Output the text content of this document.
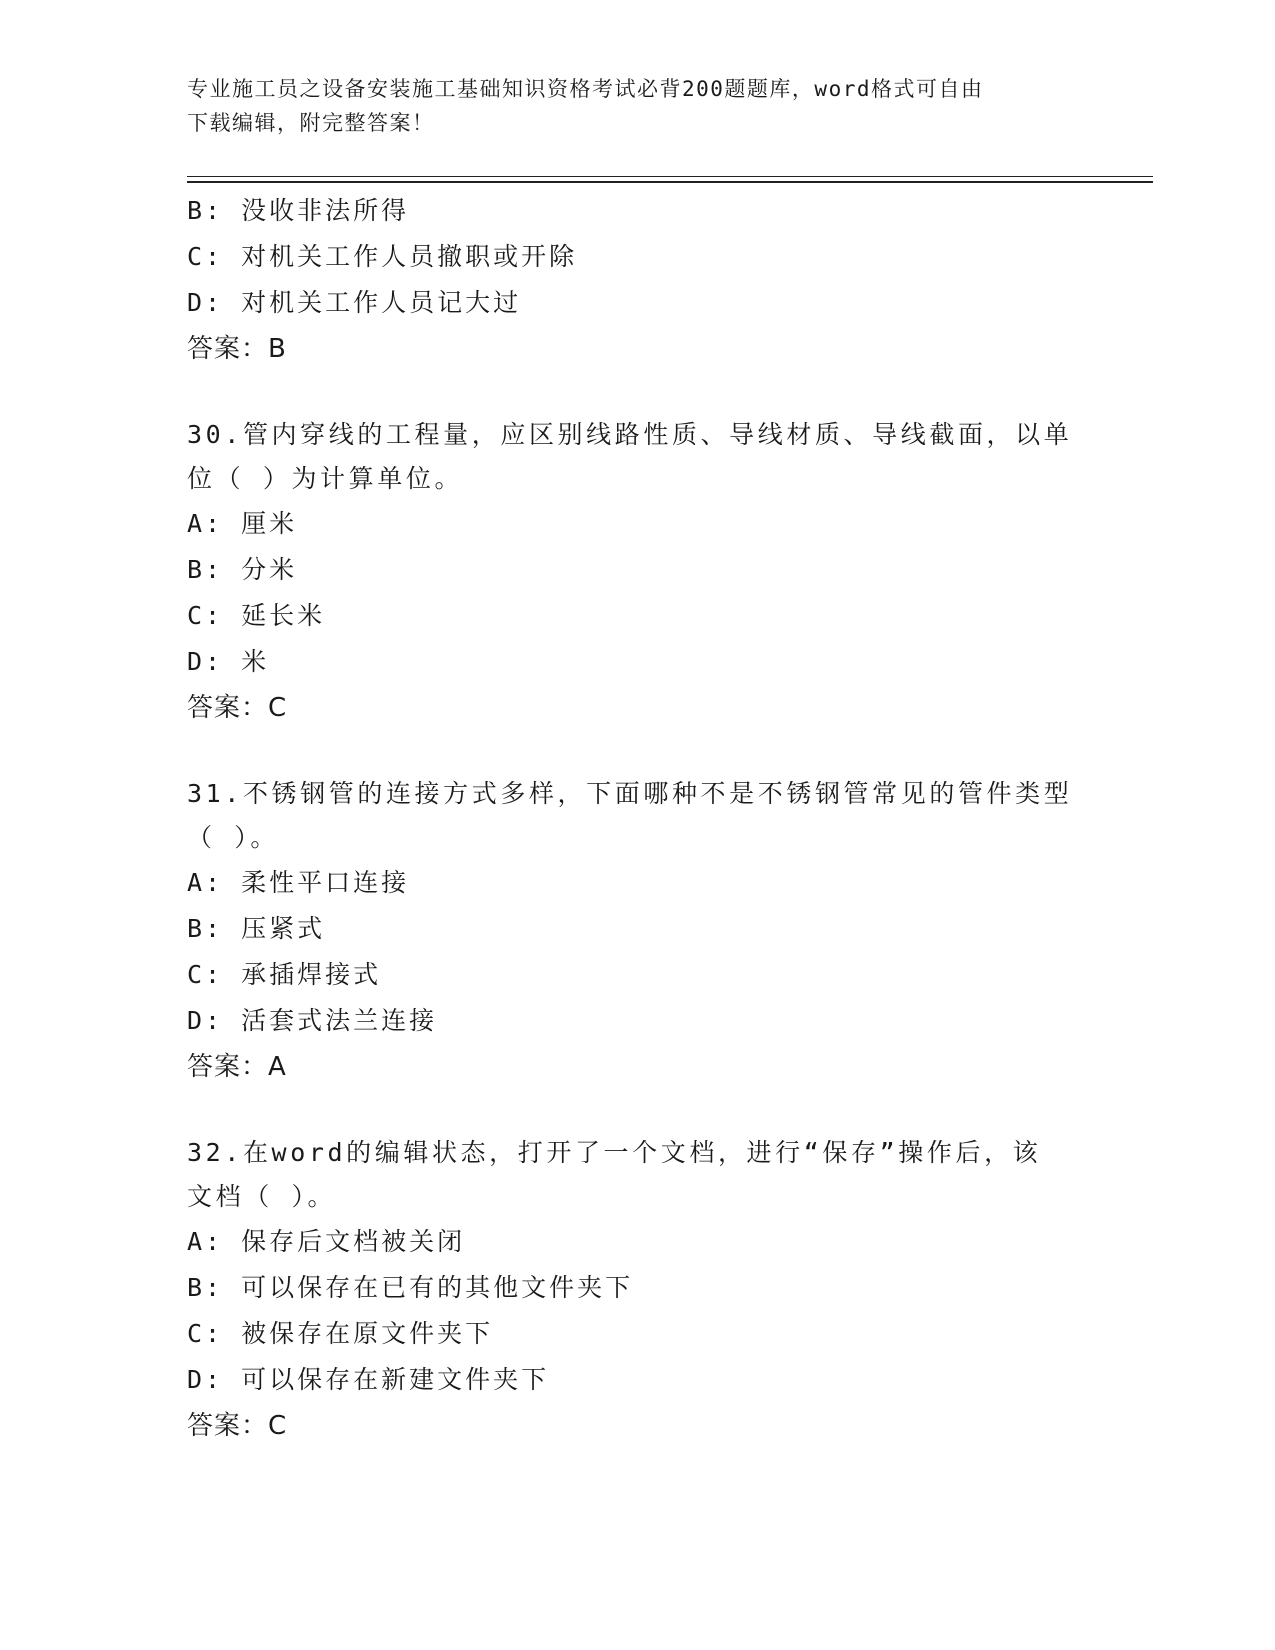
专业施工员之设备安装施工基础知识资格考试必背200题题库，word格式可自由
下载编辑，附完整答案！
B: 没收非法所得
C: 对机关工作人员撤职或开除
D: 对机关工作人员记大过
答案：B
30.管内穿线的工程量，应区别线路性质、导线材质、导线截面，以单
位（ ）为计算单位。
A: 厘米
B: 分米
C: 延长米
D: 米
答案：C
31.不锈钢管的连接方式多样，下面哪种不是不锈钢管常见的管件类型
（ ）。
A: 柔性平口连接
B: 压紧式
C: 承插焊接式
D: 活套式法兰连接
答案：A
32.在word的编辑状态，打开了一个文档，进行“保存”操作后，该
文档（ ）。
A: 保存后文档被关闭
B: 可以保存在已有的其他文件夹下
C: 被保存在原文件夹下
D: 可以保存在新建文件夹下
答案：C
